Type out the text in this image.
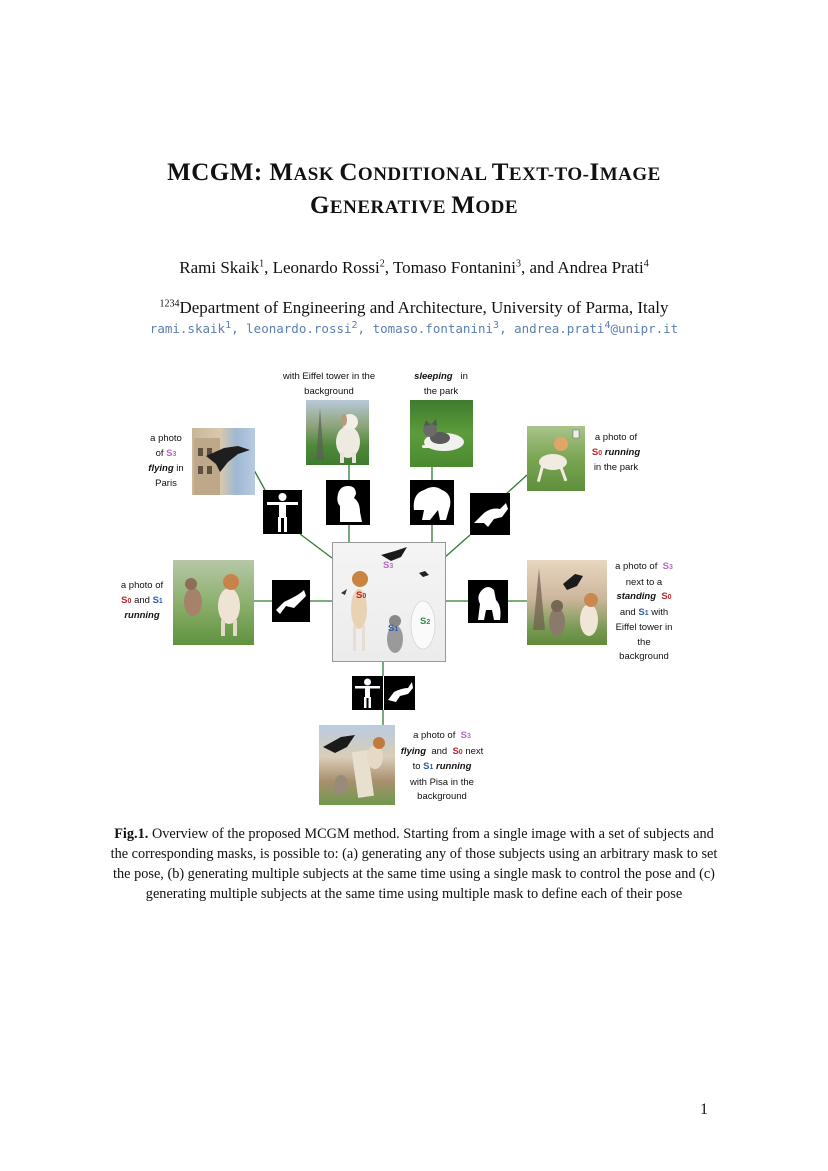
MCGM: MASK CONDITIONAL TEXT-TO-IMAGE
GENERATIVE MODE
Rami Skaik$^1$, Leonardo Rossi$^2$, Tomaso Fontanini$^3$, and Andrea Prati$^4$
$^{1234}$Department of Engineering and Architecture, University of Parma, Italy
rami.skaik$^1$, leonardo.rossi$^2$, tomaso.fontanini$^3$, andrea.prati$^4$@unipr.it
S3
S0
S1
S2
with Eiffel tower in the
background
sleeping in
the park
a photo
of S3
flying in
Paris
a photo of
S0 running
in the park
a photo of
S0 and S1
running
a photo of S3
next to a
standing S0
and S1 with
Eiffel tower in
the
background
a photo of S3
flying and S0 next
to S1 running
with Pisa in the
background
Fig.1. Overview of the proposed MCGM method. Starting from a single image with a set of subjects and the corresponding masks, is possible to: (a) generating any of those subjects using an arbitrary mask to set the pose, (b) generating multiple subjects at the same time using a single mask to control the pose and (c) generating multiple subjects at the same time using multiple mask to define each of their pose
1
